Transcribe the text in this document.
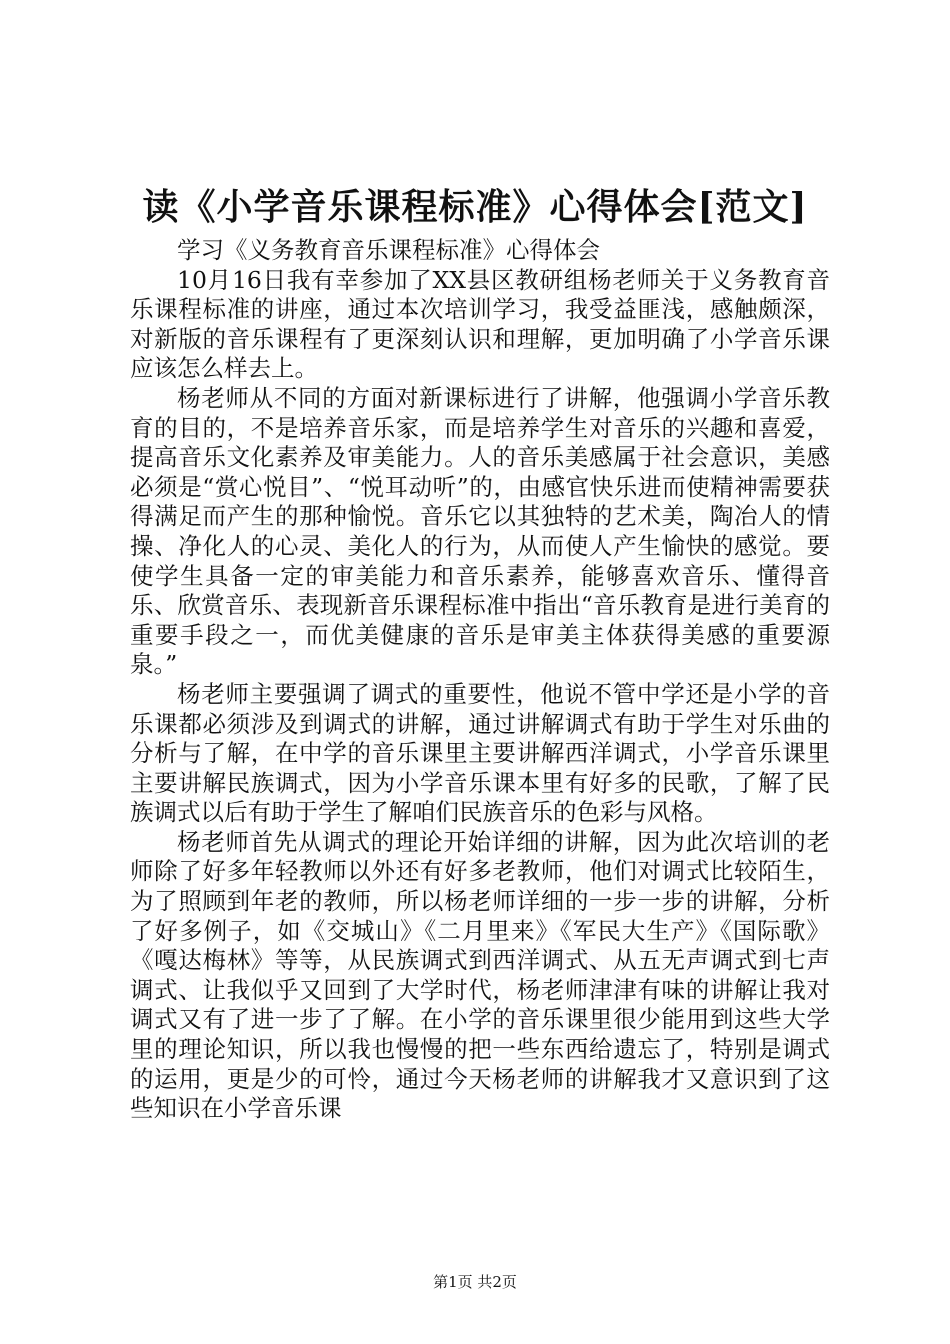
读《小学音乐课程标准》心得体会[范文]

学习《义务教育音乐课程标准》心得体会

10月16日我有幸参加了XX县区教研组杨老师关于义务教育音乐课程标准的讲座，通过本次培训学习，我受益匪浅，感触颇深，对新版的音乐课程有了更深刻认识和理解，更加明确了小学音乐课应该怎么样去上。

杨老师从不同的方面对新课标进行了讲解，他强调小学音乐教育的目的，不是培养音乐家，而是培养学生对音乐的兴趣和喜爱，提高音乐文化素养及审美能力。人的音乐美感属于社会意识，美感必须是“赏心悦目”、“悦耳动听”的，由感官快乐进而使精神需要获得满足而产生的那种愉悦。音乐它以其独特的艺术美，陶冶人的情操、净化人的心灵、美化人的行为，从而使人产生愉快的感觉。要使学生具备一定的审美能力和音乐素养，能够喜欢音乐、懂得音乐、欣赏音乐、表现新音乐课程标准中指出“音乐教育是进行美育的重要手段之一，而优美健康的音乐是审美主体获得美感的重要源泉。”

杨老师主要强调了调式的重要性，他说不管中学还是小学的音乐课都必须涉及到调式的讲解，通过讲解调式有助于学生对乐曲的分析与了解，在中学的音乐课里主要讲解西洋调式，小学音乐课里主要讲解民族调式，因为小学音乐课本里有好多的民歌，了解了民族调式以后有助于学生了解咱们民族音乐的色彩与风格。

杨老师首先从调式的理论开始详细的讲解，因为此次培训的老师除了好多年轻教师以外还有好多老教师，他们对调式比较陌生，为了照顾到年老的教师，所以杨老师详细的一步一步的讲解，分析了好多例子，如《交城山》《二月里来》《军民大生产》《国际歌》《嘎达梅林》等等，从民族调式到西洋调式、从五无声调式到七声调式、让我似乎又回到了大学时代，杨老师津津有味的讲解让我对调式又有了进一步了了解。在小学的音乐课里很少能用到这些大学里的理论知识，所以我也慢慢的把一些东西给遗忘了，特别是调式的运用，更是少的可怜，通过今天杨老师的讲解我才又意识到了这些知识在小学音乐课

第1页 共2页
